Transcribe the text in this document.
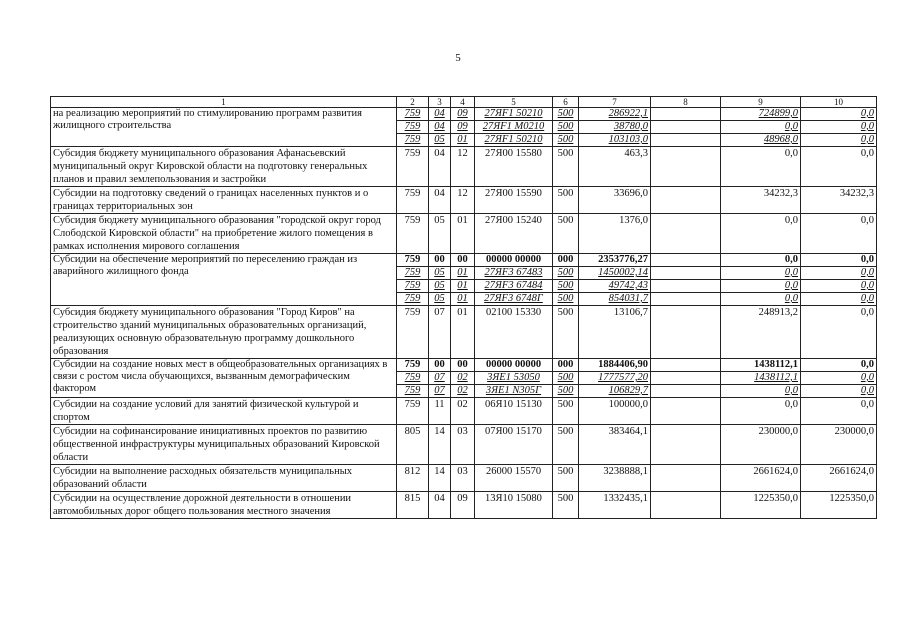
5
1	2	3	4	5	6	7	8	9	10
на реализацию мероприятий по стимулированию программ развития жилищного строительства	759	04	09	27ЯF1 50210	500	286922,1		724899,0	0,0
	759	04	09	27ЯF1 М0210	500	38780,0		0,0	0,0
	759	05	01	27ЯF1 50210	500	103103,0		48968,0	0,0
Субсидия бюджету муниципального образования Афанасьевский муниципальный округ Кировской области на подготовку генеральных планов и правил землепользования и застройки	759	04	12	27Я00 15580	500	463,3		0,0	0,0
Субсидии на подготовку сведений о границах населенных пунктов и о границах территориальных зон	759	04	12	27Я00 15590	500	33696,0		34232,3	34232,3
Субсидия бюджету муниципального образования "городской округ город Слободской Кировской области" на приобретение жилого помещения в рамках исполнения мирового соглашения	759	05	01	27Я00 15240	500	1376,0		0,0	0,0
Субсидии на обеспечение мероприятий по переселению граждан из аварийного жилищного фонда	759	00	00	00000 00000	000	2353776,27		0,0	0,0
	759	05	01	27ЯF3 67483	500	1450002,14		0,0	0,0
	759	05	01	27ЯF3 67484	500	49742,43		0,0	0,0
	759	05	01	27ЯF3 6748Г	500	854031,7		0,0	0,0
Субсидия бюджету муниципального образования "Город Киров" на строительство зданий муниципальных образовательных организаций, реализующих основную образовательную программу дошкольного образования	759	07	01	02100 15330	500	13106,7		248913,2	0,0
Субсидии на создание новых мест в общеобразовательных организациях в связи с ростом числа обучающихся, вызванным демографическим фактором	759	00	00	00000 00000	000	1884406,90		1438112,1	0,0
	759	07	02	3ЯЕ1 53050	500	1777577,20		1438112,1	0,0
	759	07	02	3ЯЕ1 N305Г	500	106829,7		0,0	0,0
Субсидии на создание условий для занятий физической культурой и спортом	759	11	02	06Я10 15130	500	100000,0		0,0	0,0
Субсидии на софинансирование инициативных проектов по развитию общественной инфраструктуры муниципальных образований Кировской области	805	14	03	07Я00 15170	500	383464,1		230000,0	230000,0
Субсидии на выполнение расходных обязательств муниципальных образований области	812	14	03	26000 15570	500	3238888,1		2661624,0	2661624,0
Субсидии на осуществление дорожной деятельности в отношении автомобильных дорог общего пользования местного значения	815	04	09	13Я10 15080	500	1332435,1		1225350,0	1225350,0
